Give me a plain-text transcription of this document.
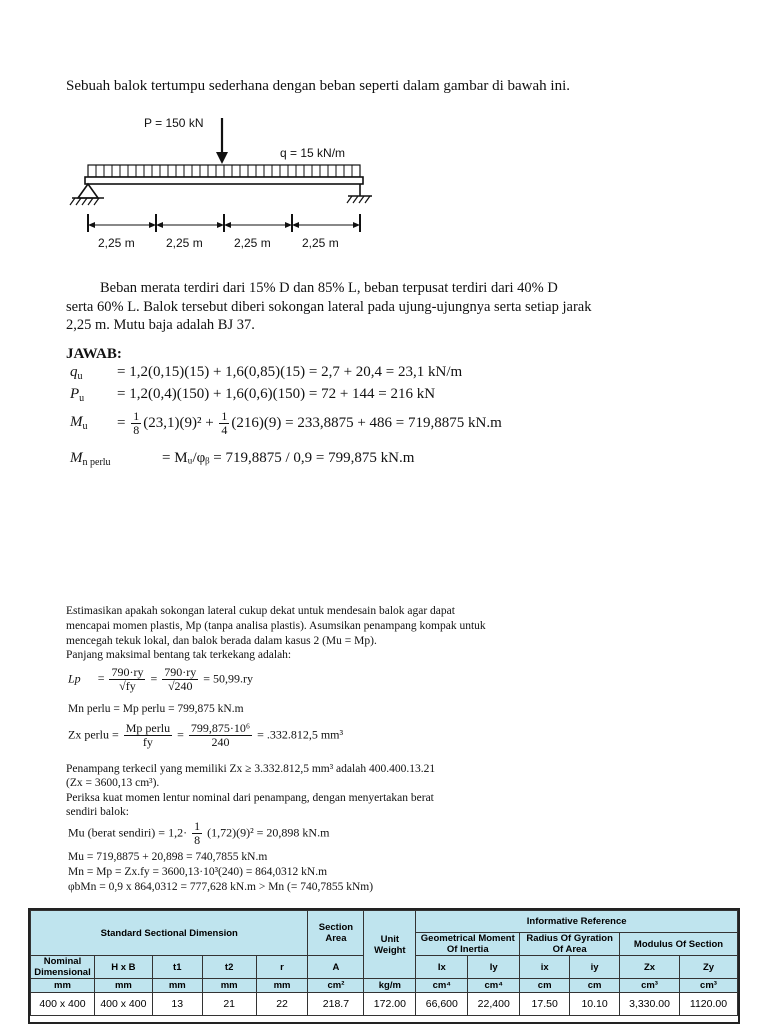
Sebuah balok tertumpu sederhana dengan beban seperti dalam gambar di bawah ini.
P = 150 kN
q = 15 kN/m
2,25 m	2,25 m	2,25 m	2,25 m
Beban merata terdiri dari 15% D dan 85% L, beban terpusat terdiri dari 40% D
serta 60% L. Balok tersebut diberi sokongan lateral pada ujung-ujungnya serta setiap jarak
2,25 m. Mutu baja adalah BJ 37.
JAWAB:
$q_u = 1,2(0,15)(15) + 1,6(0,85)(15) = 2,7 + 20,4 = 23,1$ kN/m
$P_u = 1,2(0,4)(150) + 1,6(0,6)(150) = 72 + 144 = 216$ kN
$M_u = \frac{1}{8} (23,1)(9)^2 + \frac{1}{4} (216)(9) = 233,8875 + 486 = 719,8875$ kN.m
$M_{n perlu}$	= Mᵤ/φᵦ = 719,8875 / 0,9 = 799,875 kN.m
Estimasikan apakah sokongan lateral cukup dekat untuk mendesain balok agar dapat
mencapai momen plastis, Mp (tanpa analisa plastis). Asumsikan penampang kompak untuk
mencegah tekuk lokal, dan balok berada dalam kasus 2 (Mu = Mp).
Panjang maksimal bentang tak terkekang adalah:
$Lp = \frac{790\cdot ry}{√fy} = \frac{790\cdot ry}{√240} = 50,99.ry$
Mn perlu = Mp perlu = 799,875 kN.m
Zx perlu = $\frac{\text{Mp perlu}}{fy} = \frac{\text{799,875·10⁶}}{240} = .332.812,5$ mm³
Penampang terkecil yang memiliki Zx ≥ 3.332.812,5 mm³ adalah 400.400.13.21
(Zx = 3600,13 cm³).
Periksa kuat momen lentur nominal dari penampang, dengan menyertakan berat
sendiri balok:
Mu (berat sendiri) = $1,2\cdot \frac{1}{8} (1,72)(9)^2 = 20,898$ kN.m
Mu = 719,8875 + 20,898 = 740,7855 kN.m
Mn = Mp = Zx.fy = 3600,13·10³(240) = 864,0312 kN.m
φbMn = 0,9 x 864,0312 = 777,628 kN.m > Mn (= 740,7855 kNm)
Standard Sectional Dimension					Section Area	Unit Weight	Informative Reference					
							Geometrical Moment Of Inertia		Radius Of Gyration Of Area		Modulus Of Section	
Nominal Dimensional	H x B	t1	t2	r	A		Ix	Iy	ix	iy	Zx	Zy
mm	mm	mm	mm	mm	cm²	kg/m	cm⁴	cm⁴	cm	cm	cm³	cm³
400 x 400	400 x 400	13	21	22	218.7	172.00	66,600	22,400	17.50	10.10	3,330.00	1120.00
